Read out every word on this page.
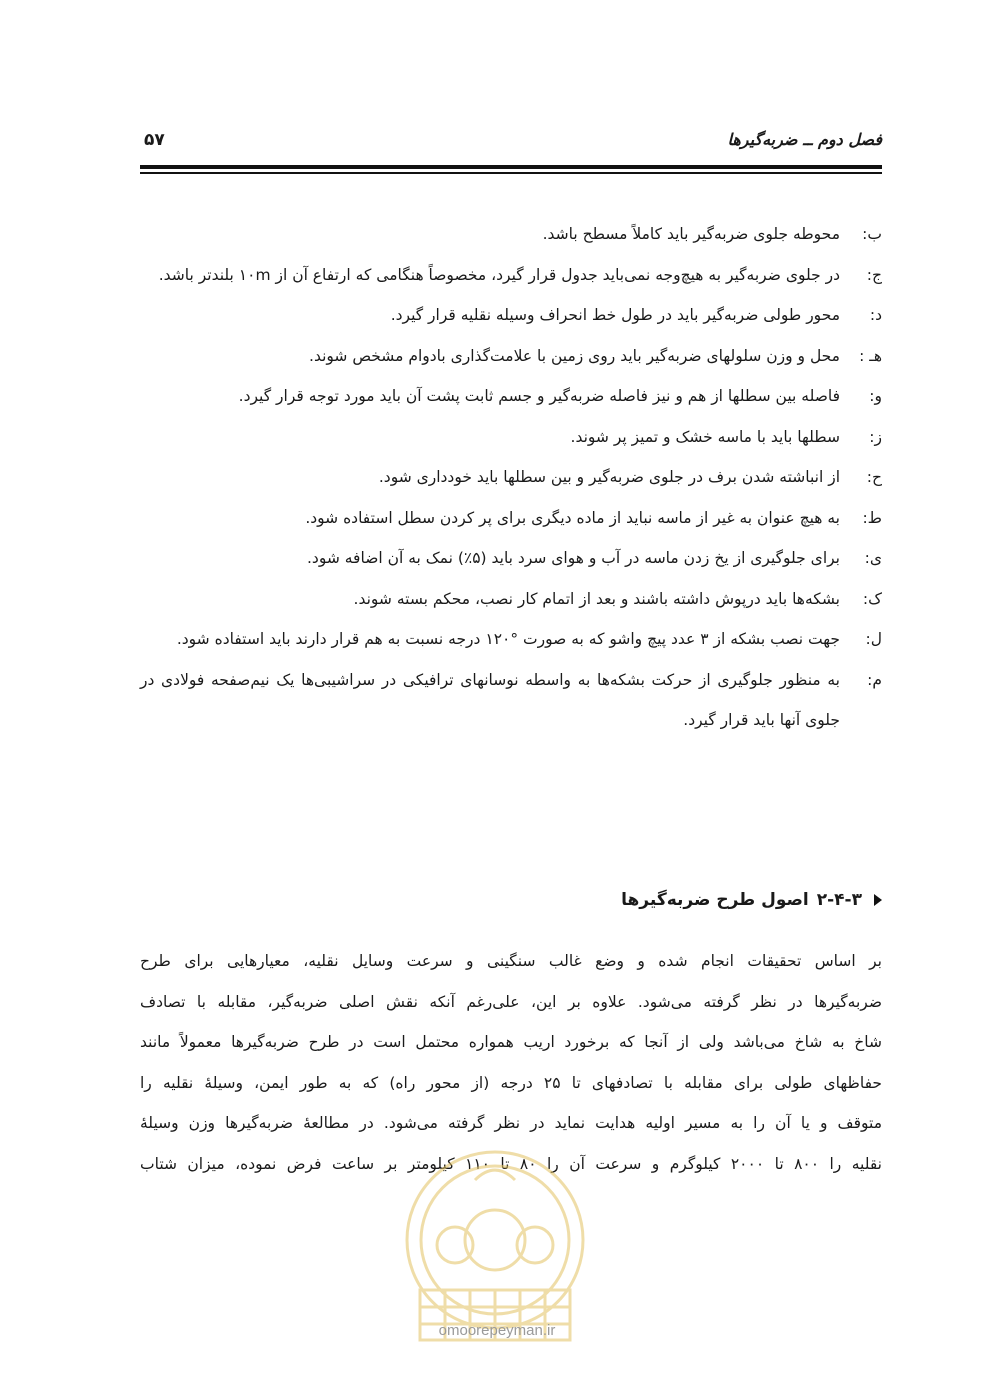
فصل دوم ــ ضربه‌گیرها
۵۷
ب:
محوطه جلوی ضربه‌گیر باید کاملاً مسطح باشد.
ج:
در جلوی ضربه‌گیر به هیچ‌وجه نمی‌باید جدول قرار گیرد، مخصوصاً هنگامی که ارتفاع آن از ۱۰m بلندتر باشد.
د:
محور طولی ضربه‌گیر باید در طول خط انحراف وسیله نقلیه قرار گیرد.
هـ :
محل و وزن سلولهای ضربه‌گیر باید روی زمین با علامت‌گذاری بادوام مشخص شوند.
و:
فاصله بین سطلها از هم و نیز فاصله ضربه‌گیر و جسم ثابت پشت آن باید مورد توجه قرار گیرد.
ز:
سطلها باید با ماسه خشک و تمیز پر شوند.
ح:
از انباشته شدن برف در جلوی ضربه‌گیر و بین سطلها باید خودداری شود.
ط:
به هیچ عنوان به غیر از ماسه نباید از ماده دیگری برای پر کردن سطل استفاده شود.
ی:
برای جلوگیری از یخ زدن ماسه در آب و هوای سرد باید (۵٪) نمک به آن اضافه شود.
ک:
بشکه‌ها باید درپوش داشته باشند و بعد از اتمام کار نصب، محکم بسته شوند.
ل:
جهت نصب بشکه از ۳ عدد پیچ واشو که به صورت °۱۲۰ درجه نسبت به هم قرار دارند باید استفاده شود.
م:
به منظور جلوگیری از حرکت بشکه‌ها به واسطه نوسانهای ترافیکی در سراشیبی‌ها یک نیم‌صفحه فولادی در جلوی آنها باید قرار گیرد.
۲-۴-۳
اصول طرح ضربه‌گیرها
بر اساس تحقیقات انجام شده و وضع غالب سنگینی و سرعت وسایل نقلیه، معیارهایی برای طرح
ضربه‌گیرها در نظر گرفته می‌شود. علاوه بر این، علی‌رغم آنکه نقش اصلی ضربه‌گیر، مقابله با تصادف
شاخ به شاخ می‌باشد ولی از آنجا که برخورد اریب همواره محتمل است در طرح ضربه‌گیرها معمولاً مانند
حفاظهای طولی برای مقابله با تصادفهای تا ۲۵ درجه (از محور راه) که به طور ایمن، وسیلهٔ نقلیه را
متوقف و یا آن را به مسیر اولیه هدایت نماید در نظر گرفته می‌شود. در مطالعهٔ ضربه‌گیرها وزن وسیلهٔ
نقلیه را ۸۰۰ تا ۲۰۰۰ کیلوگرم و سرعت آن را ۸۰ تا ۱۱۰ کیلومتر بر ساعت فرض نموده، میزان شتاب
omoorepeyman.ir
